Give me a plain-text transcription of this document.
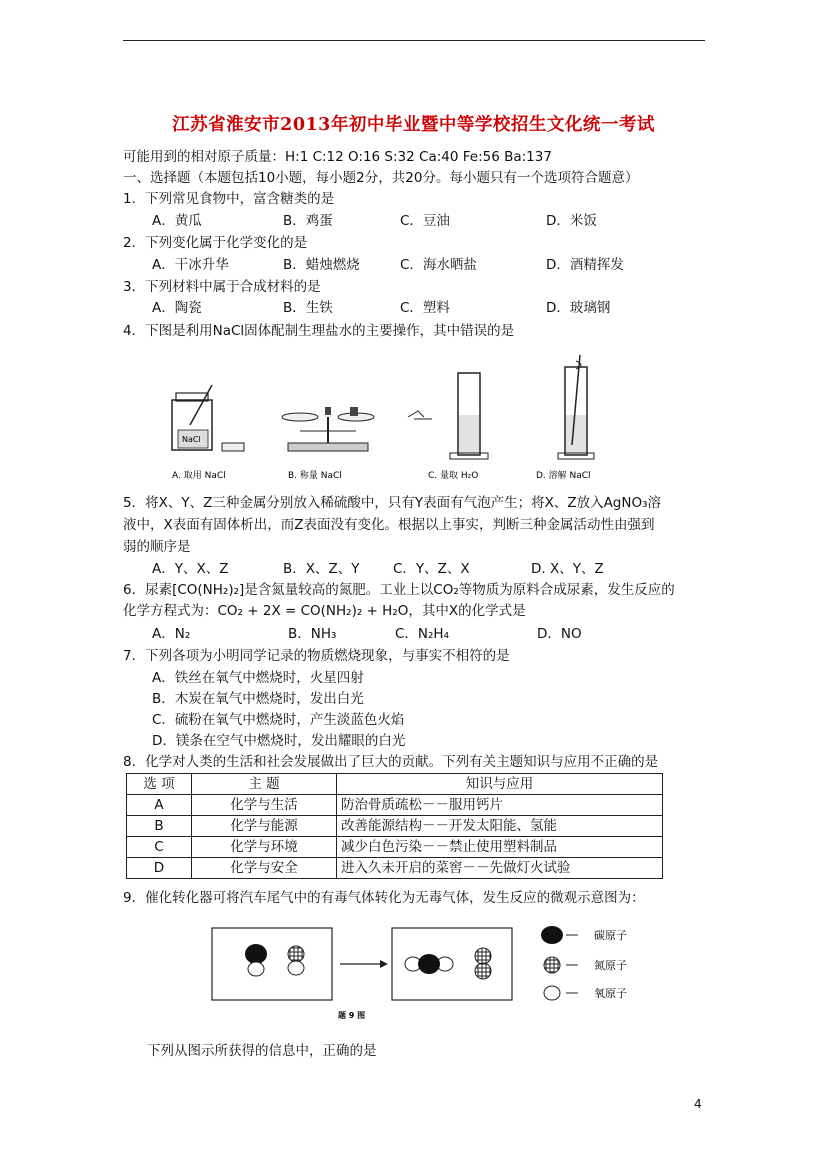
江苏省淮安市2013年初中毕业暨中等学校招生文化统一考试
可能用到的相对原子质量：H:1 C:12 O:16 S:32 Ca:40 Fe:56 Ba:137
一、选择题（本题包括10小题，每小题2分，共20分。每小题只有一个选项符合题意）
1．下列常见食物中，富含糖类的是
A．黄瓜	B．鸡蛋	C．豆油	D．米饭
2．下列变化属于化学变化的是
A．干冰升华	B．蜡烛燃烧	C．海水晒盐	D．酒精挥发
3．下列材料中属于合成材料的是
A．陶瓷	B．生铁	C．塑料	D．玻璃钢
4．下图是利用NaCl固体配制生理盐水的主要操作，其中错误的是
NaCl
A. 取用 NaCl	B. 称量 NaCl	C. 量取 H₂O	D. 溶解 NaCl
5．将X、Y、Z三种金属分别放入稀硫酸中，只有Y表面有气泡产生；将X、Z放入AgNO₃溶
液中，X表面有固体析出，而Z表面没有变化。根据以上事实，判断三种金属活动性由强到
弱的顺序是
A．Y、X、Z	B．X、Z、Y C．Y、Z、X	D. X、Y、Z
6．尿素[CO(NH₂)₂]是含氮量较高的氮肥。工业上以CO₂等物质为原料合成尿素，发生反应的
化学方程式为：CO₂ + 2X = CO(NH₂)₂ + H₂O，其中X的化学式是
A．N₂	B．NH₃	C．N₂H₄	D．NO
7．下列各项为小明同学记录的物质燃烧现象，与事实不相符的是
A．铁丝在氧气中燃烧时，火星四射
B．木炭在氧气中燃烧时，发出白光
C．硫粉在氧气中燃烧时，产生淡蓝色火焰
D．镁条在空气中燃烧时，发出耀眼的白光
8．化学对人类的生活和社会发展做出了巨大的贡献。下列有关主题知识与应用不正确的是
选 项	主 题	知识与应用
A	化学与生活	防治骨质疏松－－服用钙片
B	化学与能源	改善能源结构－－开发太阳能、氢能
C	化学与环境	减少白色污染－－禁止使用塑料制品
D	化学与安全	进入久未开启的菜窖－－先做灯火试验
9．催化转化器可将汽车尾气中的有毒气体转化为无毒气体，发生反应的微观示意图为：
碳原子
氮原子
氧原子
题 9 图
下列从图示所获得的信息中，正确的是
4
